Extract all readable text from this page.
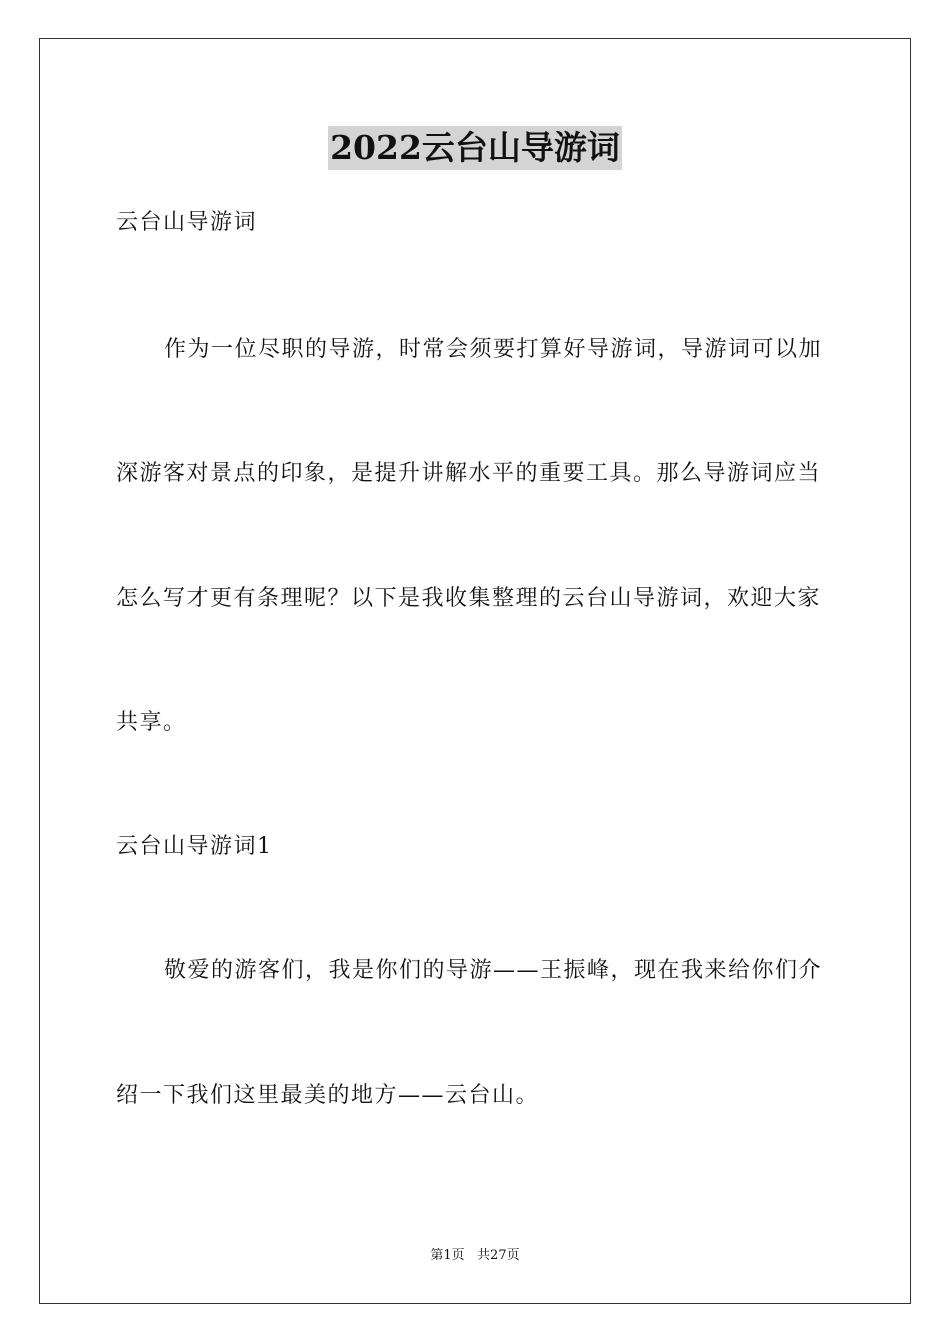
2022云台山导游词
云台山导游词
作为一位尽职的导游，时常会须要打算好导游词，导游词可以加
深游客对景点的印象，是提升讲解水平的重要工具。那么导游词应当
怎么写才更有条理呢？以下是我收集整理的云台山导游词，欢迎大家
共享。
云台山导游词1
敬爱的游客们，我是你们的导游——王振峰，现在我来给你们介
绍一下我们这里最美的地方——云台山。
第1页   共27页
